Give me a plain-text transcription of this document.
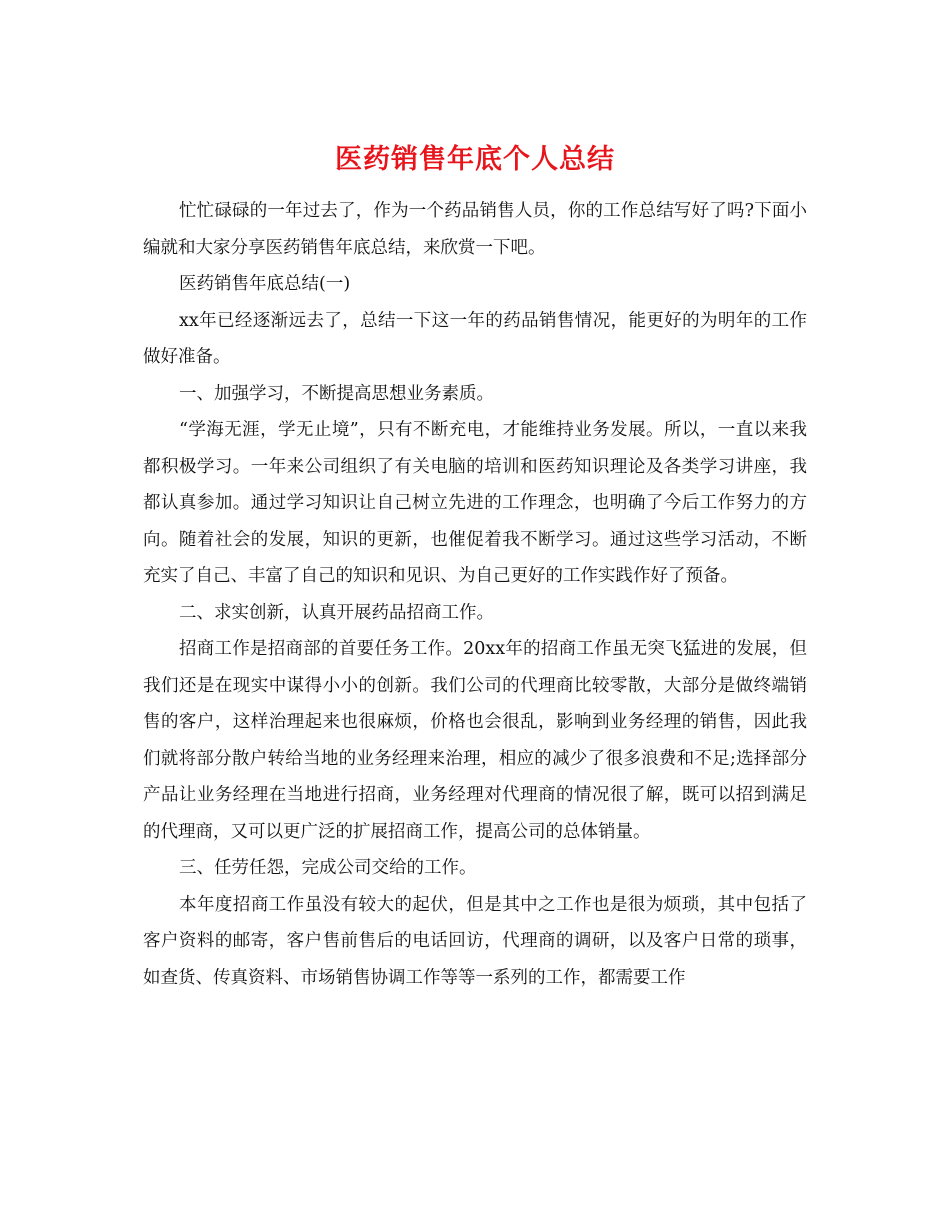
医药销售年底个人总结

忙忙碌碌的一年过去了，作为一个药品销售人员，你的工作总结写好了吗?下面小编就和大家分享医药销售年底总结，来欣赏一下吧。

医药销售年底总结(一)

xx年已经逐渐远去了，总结一下这一年的药品销售情况，能更好的为明年的工作做好准备。

一、加强学习，不断提高思想业务素质。

“学海无涯，学无止境”，只有不断充电，才能维持业务发展。所以，一直以来我都积极学习。一年来公司组织了有关电脑的培训和医药知识理论及各类学习讲座，我都认真参加。通过学习知识让自己树立先进的工作理念，也明确了今后工作努力的方向。随着社会的发展，知识的更新，也催促着我不断学习。通过这些学习活动，不断充实了自己、丰富了自己的知识和见识、为自己更好的工作实践作好了预备。

二、求实创新，认真开展药品招商工作。

招商工作是招商部的首要任务工作。20xx年的招商工作虽无突飞猛进的发展，但我们还是在现实中谋得小小的创新。我们公司的代理商比较零散，大部分是做终端销售的客户，这样治理起来也很麻烦，价格也会很乱，影响到业务经理的销售，因此我们就将部分散户转给当地的业务经理来治理，相应的减少了很多浪费和不足;选择部分产品让业务经理在当地进行招商，业务经理对代理商的情况很了解，既可以招到满足的代理商，又可以更广泛的扩展招商工作，提高公司的总体销量。

三、任劳任怨，完成公司交给的工作。

本年度招商工作虽没有较大的起伏，但是其中之工作也是很为烦琐，其中包括了客户资料的邮寄，客户售前售后的电话回访，代理商的调研，以及客户日常的琐事，如查货、传真资料、市场销售协调工作等等一系列的工作，都需要工作
